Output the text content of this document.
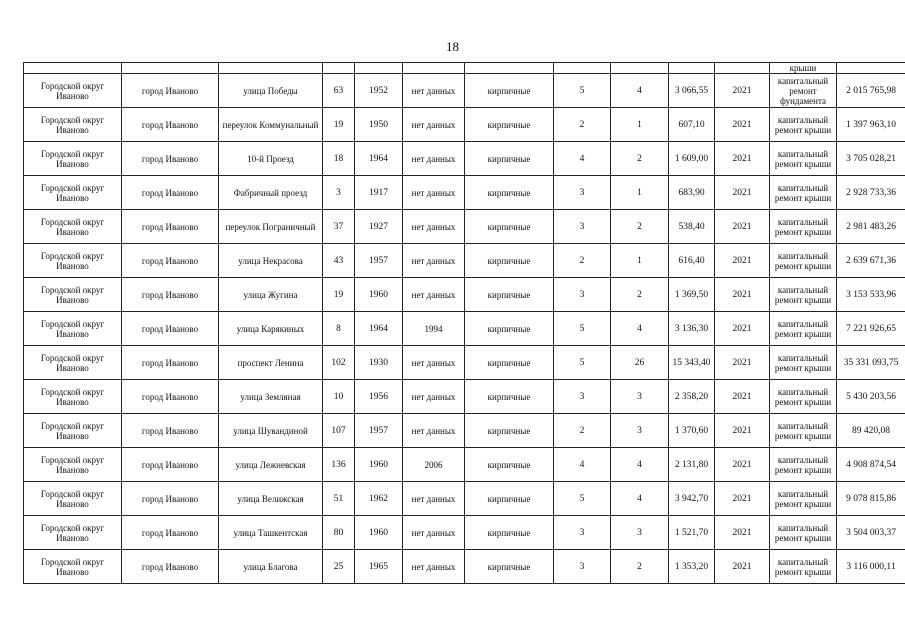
18
											крыши	
Городской округ Иваново	город Иваново	улица Победы	63	1952	нет данных	кирпичные	5	4	3 066,55	2021	капитальный ремонт фундамента	2 015 765,98
Городской округ Иваново	город Иваново	переулок Коммунальный	19	1950	нет данных	кирпичные	2	1	607,10	2021	капитальный ремонт крыши	1 397 963,10
Городской округ Иваново	город Иваново	10-й Проезд	18	1964	нет данных	кирпичные	4	2	1 609,00	2021	капитальный ремонт крыши	3 705 028,21
Городской округ Иваново	город Иваново	Фабричный проезд	3	1917	нет данных	кирпичные	3	1	683,90	2021	капитальный ремонт крыши	2 928 733,36
Городской округ Иваново	город Иваново	переулок Пограничный	37	1927	нет данных	кирпичные	3	2	538,40	2021	капитальный ремонт крыши	2 981 483,26
Городской округ Иваново	город Иваново	улица Некрасова	43	1957	нет данных	кирпичные	2	1	616,40	2021	капитальный ремонт крыши	2 639 671,36
Городской округ Иваново	город Иваново	улица Жугина	19	1960	нет данных	кирпичные	3	2	1 369,50	2021	капитальный ремонт крыши	3 153 533,96
Городской округ Иваново	город Иваново	улица Карякиных	8	1964	1994	кирпичные	5	4	3 136,30	2021	капитальный ремонт крыши	7 221 926,65
Городской округ Иваново	город Иваново	проспект Ленина	102	1930	нет данных	кирпичные	5	26	15 343,40	2021	капитальный ремонт крыши	35 331 093,75
Городской округ Иваново	город Иваново	улица Земляная	10	1956	нет данных	кирпичные	3	3	2 358,20	2021	капитальный ремонт крыши	5 430 203,56
Городской округ Иваново	город Иваново	улица Шувандиной	107	1957	нет данных	кирпичные	2	3	1 370,60	2021	капитальный ремонт крыши	89 420,08
Городской округ Иваново	город Иваново	улица Лежневская	136	1960	2006	кирпичные	4	4	2 131,80	2021	капитальный ремонт крыши	4 908 874,54
Городской округ Иваново	город Иваново	улица Велижская	51	1962	нет данных	кирпичные	5	4	3 942,70	2021	капитальный ремонт крыши	9 078 815,86
Городской округ Иваново	город Иваново	улица Ташкентская	80	1960	нет данных	кирпичные	3	3	1 521,70	2021	капитальный ремонт крыши	3 504 003,37
Городской округ Иваново	город Иваново	улица Благова	25	1965	нет данных	кирпичные	3	2	1 353,20	2021	капитальный ремонт крыши	3 116 000,11
